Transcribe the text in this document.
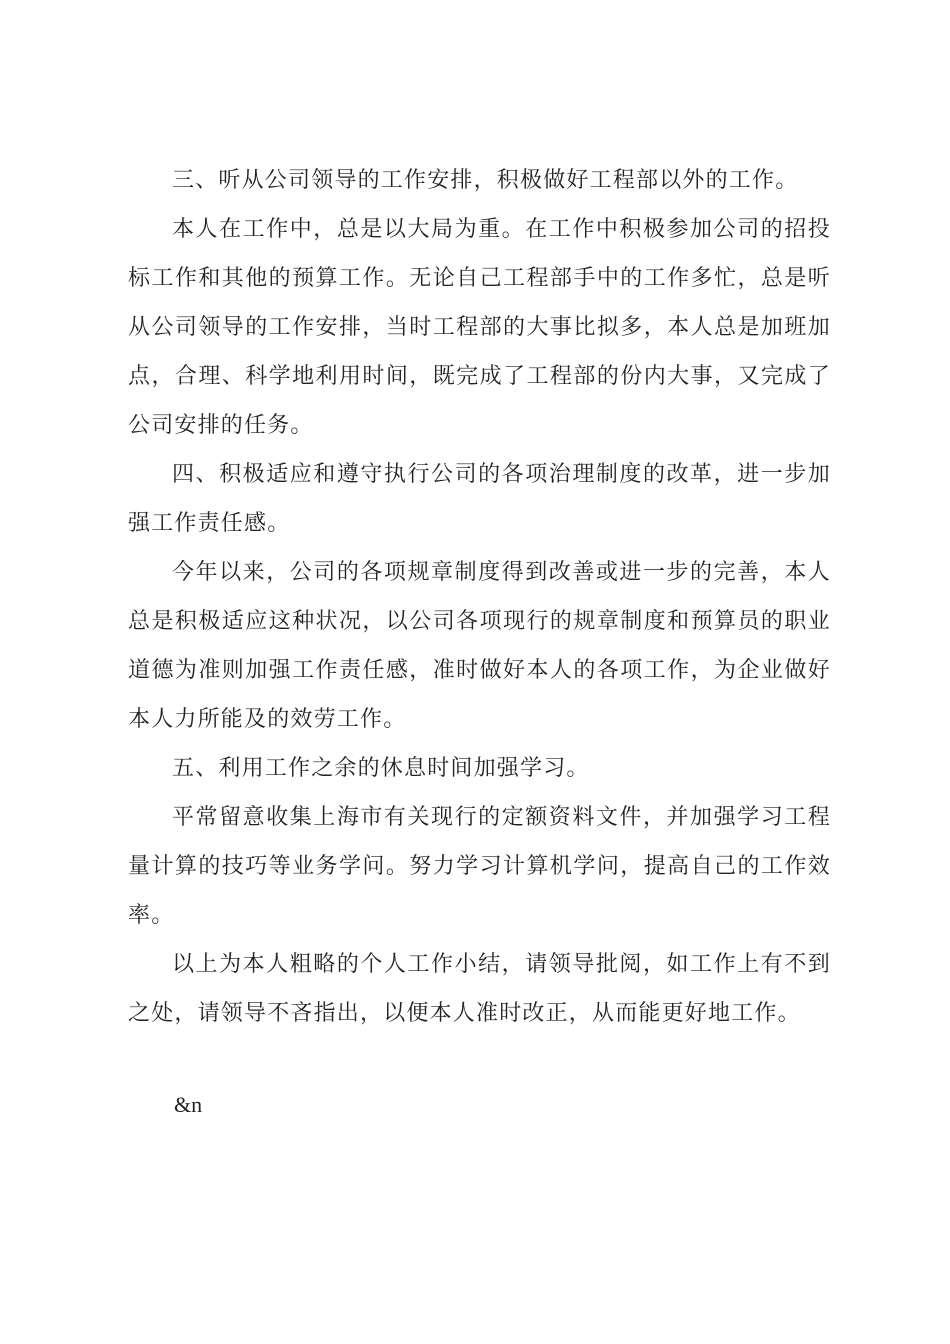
三、听从公司领导的工作安排，积极做好工程部以外的工作。

本人在工作中，总是以大局为重。在工作中积极参加公司的招投标工作和其他的预算工作。无论自己工程部手中的工作多忙，总是听从公司领导的工作安排，当时工程部的大事比拟多，本人总是加班加点，合理、科学地利用时间，既完成了工程部的份内大事，又完成了公司安排的任务。

四、积极适应和遵守执行公司的各项治理制度的改革，进一步加强工作责任感。

今年以来，公司的各项规章制度得到改善或进一步的完善，本人总是积极适应这种状况，以公司各项现行的规章制度和预算员的职业道德为准则加强工作责任感，准时做好本人的各项工作，为企业做好本人力所能及的效劳工作。

五、利用工作之余的休息时间加强学习。

平常留意收集上海市有关现行的定额资料文件，并加强学习工程量计算的技巧等业务学问。努力学习计算机学问，提高自己的工作效率。

以上为本人粗略的个人工作小结，请领导批阅，如工作上有不到之处，请领导不吝指出，以便本人准时改正，从而能更好地工作。

&n
